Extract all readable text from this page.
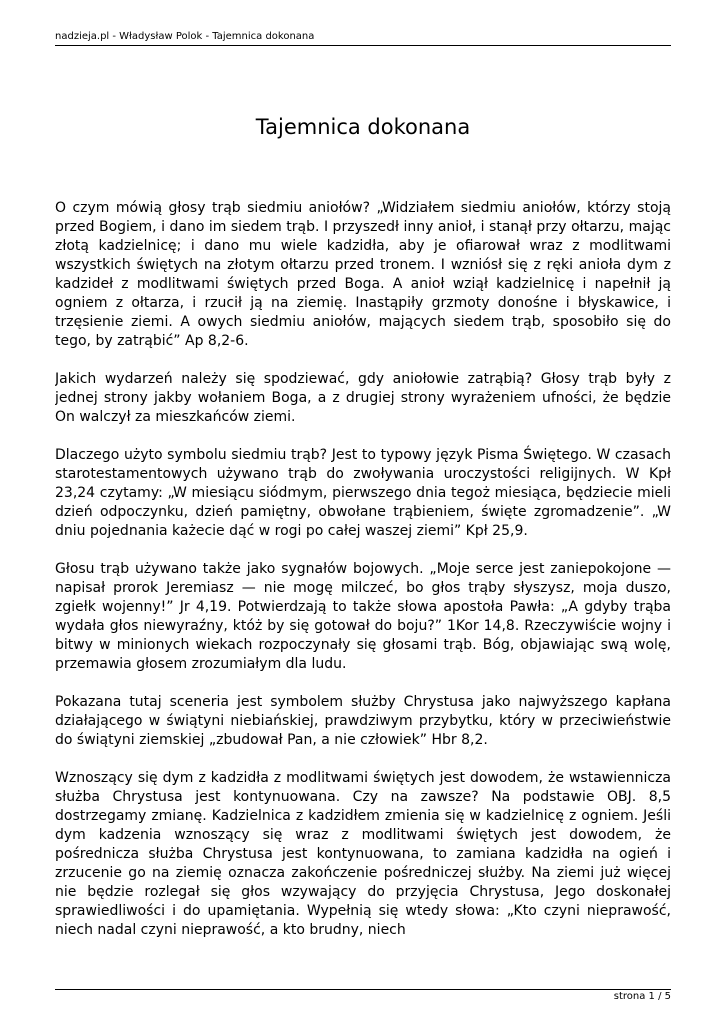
nadzieja.pl - Władysław Polok - Tajemnica dokonana
Tajemnica dokonana

O czym mówią głosy trąb siedmiu aniołów? „Widziałem siedmiu aniołów, którzy stoją przed Bogiem, i dano im siedem trąb. I przyszedł inny anioł, i stanął przy ołtarzu, mając złotą kadzielnicę; i dano mu wiele kadzidła, aby je ofiarował wraz z modlitwami wszystkich świętych na złotym ołtarzu przed tronem. I wzniósł się z ręki anioła dym z kadzideł z modlitwami świętych przed Boga. A anioł wziął kadzielnicę i napełnił ją ogniem z ołtarza, i rzucił ją na ziemię. Inastąpiły grzmoty donośne i błyskawice, i trzęsienie ziemi. A owych siedmiu aniołów, mających siedem trąb, sposobiło się do tego, by zatrąbić” Ap 8,2-6.

Jakich wydarzeń należy się spodziewać, gdy aniołowie zatrąbią? Głosy trąb były z jednej strony jakby wołaniem Boga, a z drugiej strony wyrażeniem ufności, że będzie On walczył za mieszkańców ziemi.

Dlaczego użyto symbolu siedmiu trąb? Jest to typowy język Pisma Świętego. W czasach starotestamentowych używano trąb do zwoływania uroczystości religijnych. W Kpł 23,24 czytamy: „W miesiącu siódmym, pierwszego dnia tegoż miesiąca, będziecie mieli dzień odpoczynku, dzień pamiętny, obwołane trąbieniem, święte zgromadzenie”. „W dniu pojednania każecie dąć w rogi po całej waszej ziemi” Kpł 25,9.

Głosu trąb używano także jako sygnałów bojowych. „Moje serce jest zaniepokojone — napisał prorok Jeremiasz — nie mogę milczeć, bo głos trąby słyszysz, moja duszo, zgiełk wojenny!” Jr 4,19. Potwierdzają to także słowa apostoła Pawła: „A gdyby trąba wydała głos niewyraźny, któż by się gotował do boju?” 1Kor 14,8. Rzeczywiście wojny i bitwy w minionych wiekach rozpoczynały się głosami trąb. Bóg, objawiając swą wolę, przemawia głosem zrozumiałym dla ludu.

Pokazana tutaj sceneria jest symbolem służby Chrystusa jako najwyższego kapłana działającego w świątyni niebiańskiej, prawdziwym przybytku, który w przeciwieństwie do świątyni ziemskiej „zbudował Pan, a nie człowiek” Hbr 8,2.

Wznoszący się dym z kadzidła z modlitwami świętych jest dowodem, że wstawiennicza służba Chrystusa jest kontynuowana. Czy na zawsze? Na podstawie OBJ. 8,5 dostrzegamy zmianę. Kadzielnica z kadzidłem zmienia się w kadzielnicę z ogniem. Jeśli dym kadzenia wznoszący się wraz z modlitwami świętych jest dowodem, że pośrednicza służba Chrystusa jest kontynuowana, to zamiana kadzidła na ogień i zrzucenie go na ziemię oznacza zakończenie pośredniczej służby. Na ziemi już więcej nie będzie rozlegał się głos wzywający do przyjęcia Chrystusa, Jego doskonałej sprawiedliwości i do upamiętania. Wypełnią się wtedy słowa: „Kto czyni nieprawość, niech nadal czyni nieprawość, a kto brudny, niech

strona 1 / 5
